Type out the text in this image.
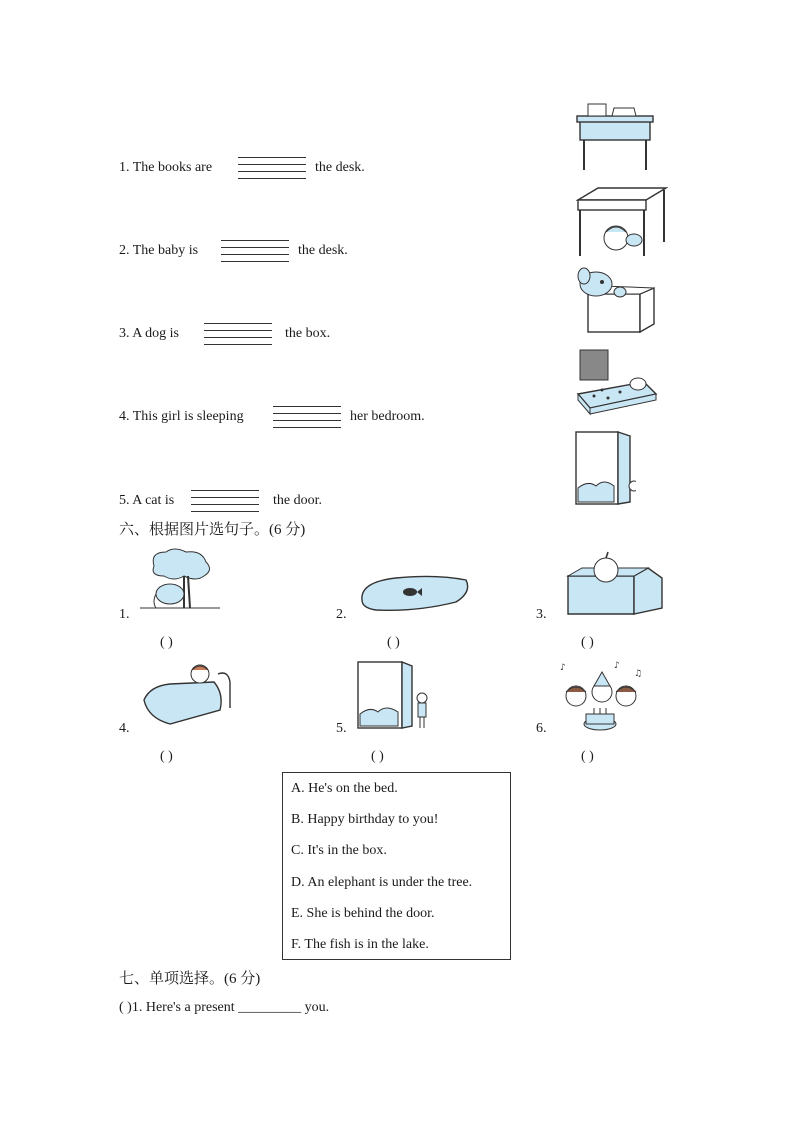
1. The books are	the desk.
2. The baby is	the desk.
3. A dog is	the box.
4. This girl is sleeping	her bedroom.
5. A cat is	the door.
六、根据图片选句子。(6 分)
1.
( )
2.
( )
3.
( )
4.
( )
5.
( )
6.
♪
♫
♪
( )
A. He's on the bed.
B. Happy birthday to you!
C. It's in the box.
D. An elephant is under the tree.
E. She is behind the door.
F. The fish is in the lake.
七、单项选择。(6 分)
( )1. Here's a present _________ you.
